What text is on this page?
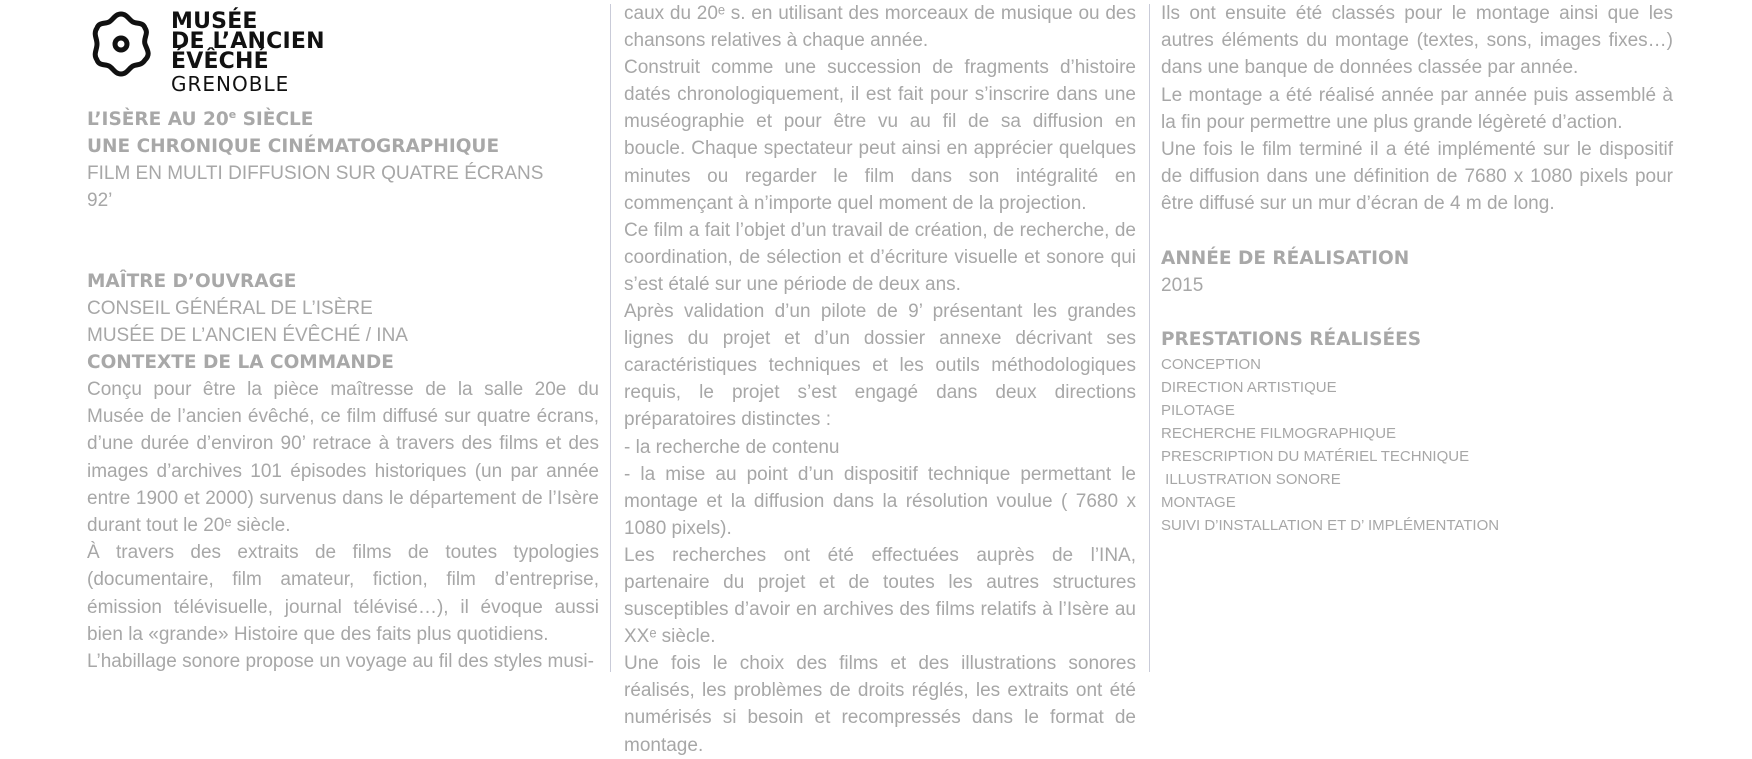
MUSÉE
DE L’ANCIEN
ÉVÊCHÉ
GRENOBLE
L’ISÈRE AU 20e SIÈCLE
UNE CHRONIQUE CINÉMATOGRAPHIQUE
FILM EN MULTI DIFFUSION SUR QUATRE ÉCRANS
92’
MAÎTRE D’OUVRAGE
CONSEIL GÉNÉRAL DE L’ISÈRE
MUSÉE DE L’ANCIEN ÉVÊCHÉ / INA
CONTEXTE DE LA COMMANDE
Conçu pour être la pièce maîtresse de la salle 20e du Musée de l’ancien évêché, ce film diffusé sur quatre écrans, d’une durée d’environ 90’ retrace à travers des films et des images d’archives 101 épisodes historiques (un par année entre 1900 et 2000) survenus dans le département de l’Isère durant tout le 20ᵉ siècle.
À travers des extraits de films de toutes typologies (documentaire, film amateur, fiction, film d’entreprise, émission télévisuelle, journal télévisé…), il évoque aussi bien la «grande» Histoire que des faits plus quotidiens.
L’habillage sonore propose un voyage au fil des styles musi-
caux du 20ᵉ s. en utilisant des morceaux de musique ou des chansons relatives à chaque année.
Construit comme une succession de fragments d’histoire datés chronologiquement, il est fait pour s’inscrire dans une muséographie et pour être vu au fil de sa diffusion en boucle. Chaque spectateur peut ainsi en apprécier quelques minutes ou regarder le film dans son intégralité en commençant à n’importe quel moment de la projection.
Ce film a fait l’objet d’un travail de création, de recherche, de coordination, de sélection et d’écriture visuelle et sonore qui s’est étalé sur une période de deux ans.
Après validation d’un pilote de 9’ présentant les grandes lignes du projet et d’un dossier annexe décrivant ses caractéristiques techniques et les outils méthodologiques requis, le projet s’est engagé dans deux directions préparatoires distinctes :
- la recherche de contenu
- la mise au point d’un dispositif technique permettant le montage et la diffusion dans la résolution voulue ( 7680 x 1080 pixels).
Les recherches ont été effectuées auprès de l’INA, partenaire du projet et de toutes les autres structures susceptibles d’avoir en archives des films relatifs à l’Isère au XXᵉ siècle.
Une fois le choix des films et des illustrations sonores réalisés, les problèmes de droits réglés, les extraits ont été numérisés si besoin et recompressés dans le format de montage.
Ils ont ensuite été classés pour le montage ainsi que les autres éléments du montage (textes, sons, images fixes…) dans une banque de données classée par année.
Le montage a été réalisé année par année puis assemblé à la fin pour permettre une plus grande légèreté d’action.
Une fois le film terminé il a été implémenté sur le dispositif de diffusion dans une définition de 7680 x 1080 pixels pour être diffusé sur un mur d’écran de 4 m de long.
ANNÉE DE RÉALISATION
2015
PRESTATIONS RÉALISÉES
CONCEPTION
DIRECTION ARTISTIQUE
PILOTAGE
RECHERCHE FILMOGRAPHIQUE
PRESCRIPTION DU MATÉRIEL TECHNIQUE
ILLUSTRATION SONORE
MONTAGE
SUIVI D’INSTALLATION ET D’ IMPLÉMENTATION
